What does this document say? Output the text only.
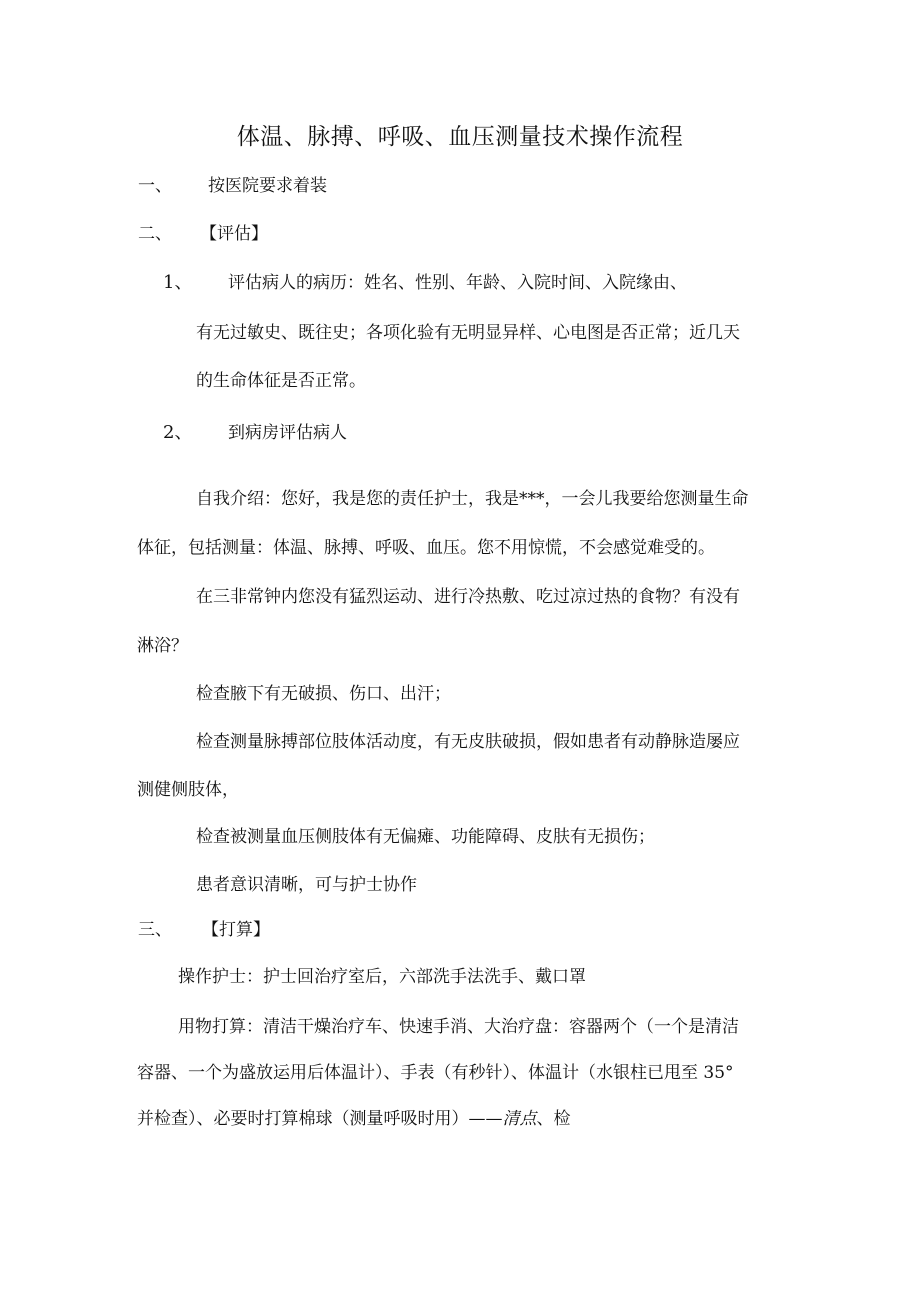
体温、脉搏、呼吸、血压测量技术操作流程
一、 按医院要求着装
二、 【评估】
1、 评估病人的病历：姓名、性别、年龄、入院时间、入院缘由、
有无过敏史、既往史；各项化验有无明显异样、心电图是否正常；近几天
的生命体征是否正常。
2、 到病房评估病人
自我介绍：您好，我是您的责任护士，我是***，一会儿我要给您测量生命
体征，包括测量：体温、脉搏、呼吸、血压。您不用惊慌，不会感觉难受的。
在三非常钟内您没有猛烈运动、进行冷热敷、吃过凉过热的食物？有没有
淋浴？
检查腋下有无破损、伤口、出汗；
检查测量脉搏部位肢体活动度，有无皮肤破损，假如患者有动静脉造屡应
测健侧肢体，
检查被测量血压侧肢体有无偏瘫、功能障碍、皮肤有无损伤；
患者意识清晰，可与护士协作
三、 【打算】
操作护士：护士回治疗室后，六部洗手法洗手、戴口罩
用物打算：清洁干燥治疗车、快速手消、大治疗盘：容器两个（一个是清洁
容器、一个为盛放运用后体温计）、手表（有秒针）、体温计（水银柱已甩至 35°
并检查）、必要时打算棉球（测量呼吸时用）——清点、检
